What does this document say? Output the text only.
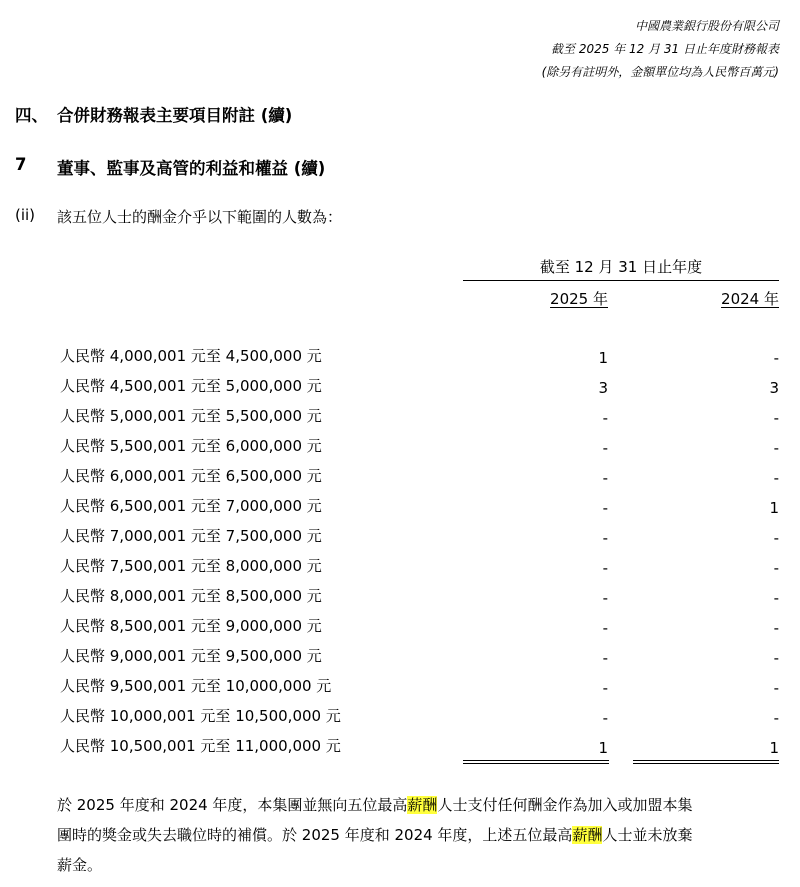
中國農業銀行股份有限公司
截至 2025 年 12 月 31 日止年度財務報表
(除另有註明外，金額單位均為人民幣百萬元)
四、 合併財務報表主要項目附註 (續)
7 董事、監事及高管的利益和權益 (續)
(ii) 該五位人士的酬金介乎以下範圍的人數為：
截至 12 月 31 日止年度
2025 年	2024 年
人民幣 4,000,001 元至 4,500,000 元	1	-
人民幣 4,500,001 元至 5,000,000 元	3	3
人民幣 5,000,001 元至 5,500,000 元	-	-
人民幣 5,500,001 元至 6,000,000 元	-	-
人民幣 6,000,001 元至 6,500,000 元	-	-
人民幣 6,500,001 元至 7,000,000 元	-	1
人民幣 7,000,001 元至 7,500,000 元	-	-
人民幣 7,500,001 元至 8,000,000 元	-	-
人民幣 8,000,001 元至 8,500,000 元	-	-
人民幣 8,500,001 元至 9,000,000 元	-	-
人民幣 9,000,001 元至 9,500,000 元	-	-
人民幣 9,500,001 元至 10,000,000 元	-	-
人民幣 10,000,001 元至 10,500,000 元	-	-
人民幣 10,500,001 元至 11,000,000 元	1	1
於 2025 年度和 2024 年度，本集團並無向五位最高薪酬人士支付任何酬金作為加入或加盟本集
團時的獎金或失去職位時的補償。於 2025 年度和 2024 年度，上述五位最高薪酬人士並未放棄
薪金。
